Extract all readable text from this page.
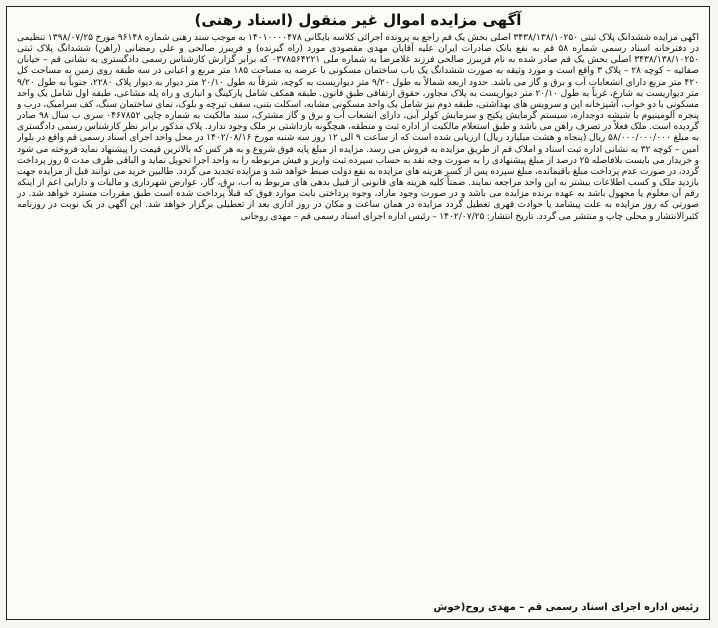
آگهی مزایده اموال غیر منقول (اسناد رهنی)
آگهی مزایده ششدانگ پلاک ثبتی ۳۴۳۸/۱۳۸/۱۰۲۵۰ اصلی بخش یک قم راجع به پرونده اجرائی کلاسه بایگانی ۱۴۰۱۰۰۰۰۴۷۸ به موجب سند رهنی شماره ۹۶۱۴۸ مورخ ۱۳۹۸/۰۷/۲۵ تنظیمی در دفترخانه اسناد رسمی شماره ۵۸ قم به نفع بانک صادرات ایران علیه آقایان مهدی مقصودی مورد (راه گیرنده) و فریبرز صالحی و علی رمضانی (راهن) ششدانگ پلاک ثبتی ۳۴۳۸/۱۳۸/۱۰۲۵۰ اصلی بخش یک قم صادر شده به نام فریبرز صالحی فرزند غلامرضا به شماره ملی ۰۳۷۸۵۶۴۲۲۱ که برابر گزارش کارشناس رسمی دادگستری به نشانی قم – خیابان صفائیه – کوچه ۲۸ – پلاک ۳ واقع است و مورد وثیقه به صورت ششدانگ یک باب ساختمان مسکونی با عرصه به مساحت ۱۸۵ متر مربع و اعیانی در سه طبقه روی زمین به مساحت کل ۴۲۰ متر مربع دارای انشعابات آب و برق و گاز می باشد. حدود اربعه شمالاً به طول ۹/۲۰ متر دیواریست به کوچه، شرقاً به طول ۲۰/۱۰ متر دیوار به دیوار پلاک ۲۲۸۰، جنوباً به طول ۹/۲۰ متر دیواریست به شارع، غرباً به طول ۲۰/۱۰ متر دیواریست به پلاک مجاور، حقوق ارتفاقی طبق قانون. طبقه همکف شامل پارکینگ و انباری و راه پله مشاعی، طبقه اول شامل یک واحد مسکونی با دو خواب، آشپزخانه اپن و سرویس های بهداشتی، طبقه دوم نیز شامل یک واحد مسکونی مشابه، اسکلت بتنی، سقف تیرچه و بلوک، نمای ساختمان سنگ، کف سرامیک، درب و پنجره آلومینیوم با شیشه دوجداره، سیستم گرمایش پکیج و سرمایش کولر آبی، دارای انشعاب آب و برق و گاز مشترک، سند مالکیت به شماره چاپی ۰۴۶۷۸۵۲ سری ب سال ۹۸ صادر گردیده است. ملک فعلاً در تصرف راهن می باشد و طبق استعلام مالکیت از اداره ثبت و منطقه، هیچگونه بازداشتی بر ملک وجود ندارد. پلاک مذکور برابر نظر کارشناس رسمی دادگستری به مبلغ ۵۸/۰۰۰/۰۰۰/۰۰۰ ریال (پنجاه و هشت میلیارد ریال) ارزیابی شده است که از ساعت ۹ الی ۱۲ روز سه شنبه مورخ ۱۴۰۲/۰۸/۱۶ در محل واحد اجرای اسناد رسمی قم واقع در بلوار امین – کوچه ۳۲ به نشانی اداره ثبت اسناد و املاک قم از طریق مزایده به فروش می رسد. مزایده از مبلغ پایه فوق شروع و به هر کس که بالاترین قیمت را پیشنهاد نماید فروخته می شود و خریدار می بایست بلافاصله ۲۵ درصد از مبلغ پیشنهادی را به صورت وجه نقد به حساب سپرده ثبت واریز و فیش مربوطه را به واحد اجرا تحویل نماید و الباقی ظرف مدت ۵ روز پرداخت گردد، در صورت عدم پرداخت مبلغ باقیمانده، مبلغ سپرده پس از کسر هزینه های مزایده به نفع دولت ضبط خواهد شد و مزایده تجدید می گردد. طالبین خرید می توانند قبل از مزایده جهت بازدید ملک و کسب اطلاعات بیشتر به این واحد مراجعه نمایند. ضمناً کلیه هزینه های قانونی از قبیل بدهی های مربوط به آب، برق، گاز، عوارض شهرداری و مالیات و دارایی اعم از اینکه رقم آن معلوم یا مجهول باشد به عهده برنده مزایده می باشد و در صورت وجود مازاد، وجوه پرداختی بابت موارد فوق که قبلاً پرداخت شده است طبق مقررات مسترد خواهد شد. در صورتی که روز مزایده به علت پیشامد یا حوادث قهری تعطیل گردد مزایده در همان ساعت و مکان در روز اداری بعد از تعطیلی برگزار خواهد شد. این آگهی در یک نوبت در روزنامه کثیرالانتشار و محلی چاپ و منتشر می گردد. تاریخ انتشار: ۱۴۰۲/۰۷/۲۵ – رئیس اداره اجرای اسناد رسمی قم – مهدی روحانی
رئیس اداره اجرای اسناد رسمی قم – مهدی روح(خوش
